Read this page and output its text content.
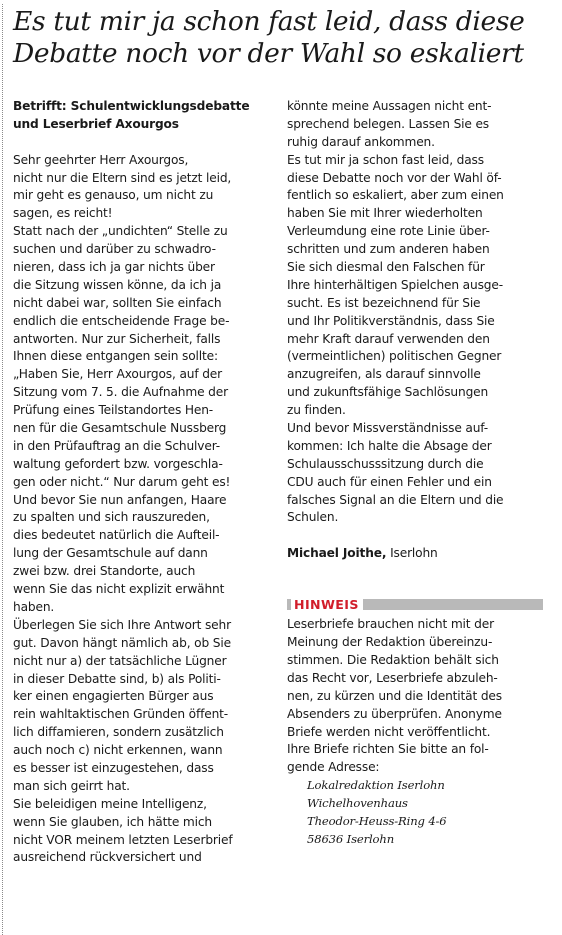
Es tut mir ja schon fast leid, dass diese
Debatte noch vor der Wahl so eskaliert
Betrifft: Schulentwicklungsdebatte
und Leserbrief Axourgos
Sehr geehrter Herr Axourgos,
nicht nur die Eltern sind es jetzt leid,
mir geht es genauso, um nicht zu
sagen, es reicht!
Statt nach der „undichten“ Stelle zu
suchen und darüber zu schwadro-
nieren, dass ich ja gar nichts über
die Sitzung wissen könne, da ich ja
nicht dabei war, sollten Sie einfach
endlich die entscheidende Frage be-
antworten. Nur zur Sicherheit, falls
Ihnen diese entgangen sein sollte:
„Haben Sie, Herr Axourgos, auf der
Sitzung vom 7. 5. die Aufnahme der
Prüfung eines Teilstandortes Hen-
nen für die Gesamtschule Nussberg
in den Prüfauftrag an die Schulver-
waltung gefordert bzw. vorgeschla-
gen oder nicht.“ Nur darum geht es!
Und bevor Sie nun anfangen, Haare
zu spalten und sich rauszureden,
dies bedeutet natürlich die Aufteil-
lung der Gesamtschule auf dann
zwei bzw. drei Standorte, auch
wenn Sie das nicht explizit erwähnt
haben.
Überlegen Sie sich Ihre Antwort sehr
gut. Davon hängt nämlich ab, ob Sie
nicht nur a) der tatsächliche Lügner
in dieser Debatte sind, b) als Politi-
ker einen engagierten Bürger aus
rein wahltaktischen Gründen öffent-
lich diffamieren, sondern zusätzlich
auch noch c) nicht erkennen, wann
es besser ist einzugestehen, dass
man sich geirrt hat.
Sie beleidigen meine Intelligenz,
wenn Sie glauben, ich hätte mich
nicht VOR meinem letzten Leserbrief
ausreichend rückversichert und
könnte meine Aussagen nicht ent-
sprechend belegen. Lassen Sie es
ruhig darauf ankommen.
Es tut mir ja schon fast leid, dass
diese Debatte noch vor der Wahl öf-
fentlich so eskaliert, aber zum einen
haben Sie mit Ihrer wiederholten
Verleumdung eine rote Linie über-
schritten und zum anderen haben
Sie sich diesmal den Falschen für
Ihre hinterhältigen Spielchen ausge-
sucht. Es ist bezeichnend für Sie
und Ihr Politikverständnis, dass Sie
mehr Kraft darauf verwenden den
(vermeintlichen) politischen Gegner
anzugreifen, als darauf sinnvolle
und zukunftsfähige Sachlösungen
zu finden.
Und bevor Missverständnisse auf-
kommen: Ich halte die Absage der
Schulausschusssitzung durch die
CDU auch für einen Fehler und ein
falsches Signal an die Eltern und die
Schulen.
Michael Joithe, Iserlohn
HINWEIS
Leserbriefe brauchen nicht mit der
Meinung der Redaktion übereinzu-
stimmen. Die Redaktion behält sich
das Recht vor, Leserbriefe abzuleh-
nen, zu kürzen und die Identität des
Absenders zu überprüfen. Anonyme
Briefe werden nicht veröffentlicht.
Ihre Briefe richten Sie bitte an fol-
gende Adresse:
Lokalredaktion Iserlohn
Wichelhovenhaus
Theodor-Heuss-Ring 4-6
58636 Iserlohn
